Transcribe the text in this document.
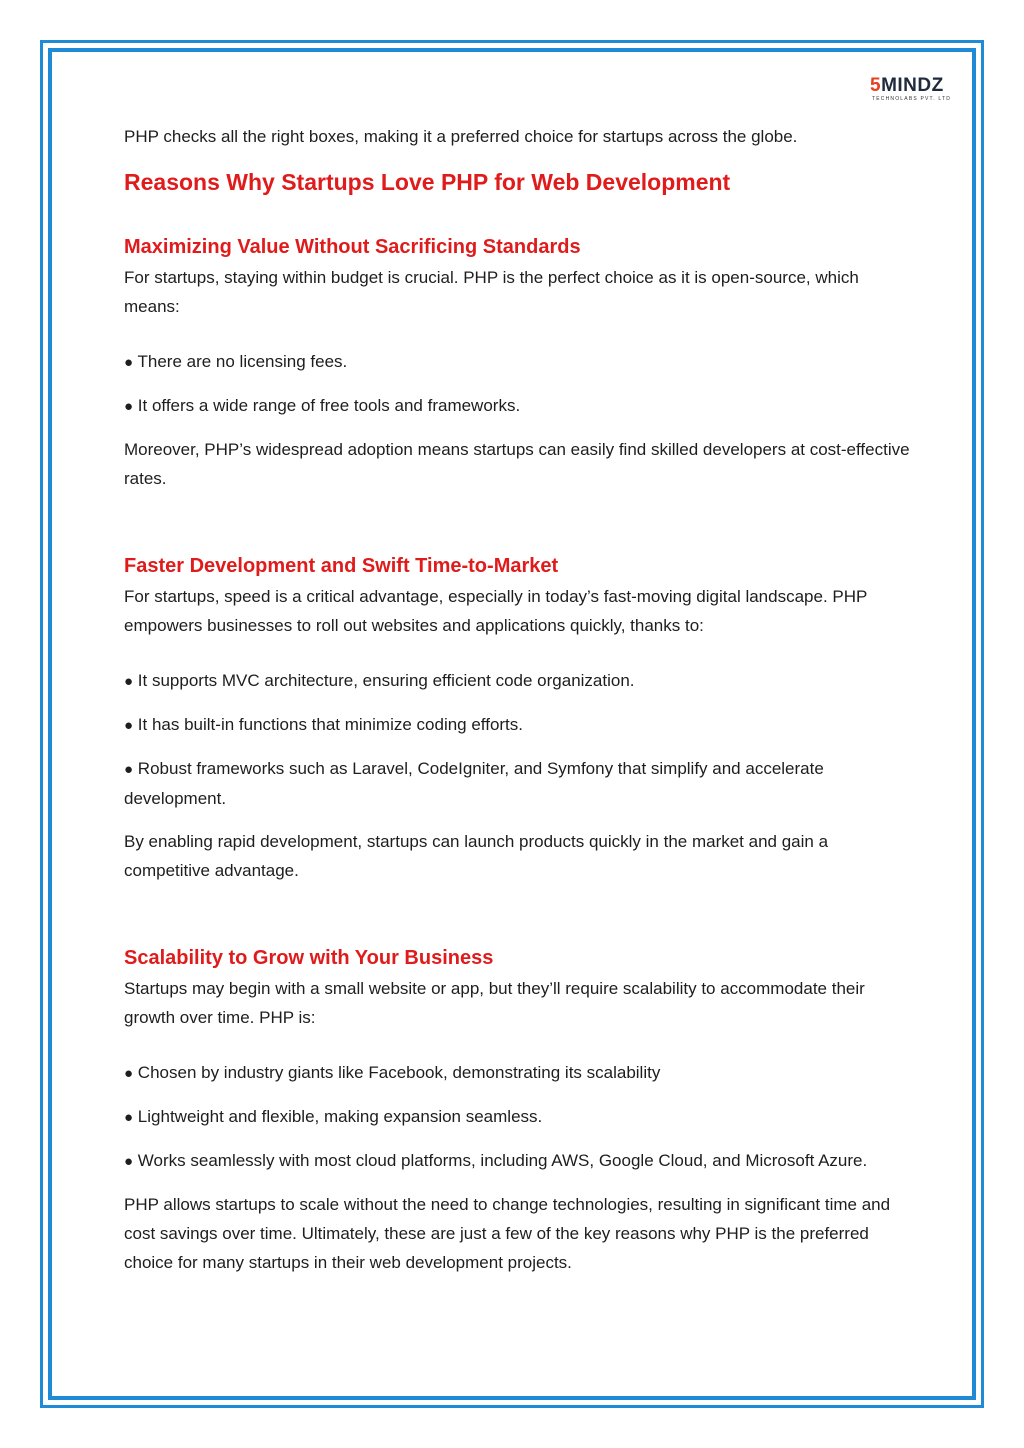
5MINDZ
TECHNOLABS PVT. LTD

PHP checks all the right boxes, making it a preferred choice for startups across the globe.

Reasons Why Startups Love PHP for Web Development

Maximizing Value Without Sacrificing Standards

For startups, staying within budget is crucial. PHP is the perfect choice as it is open-source, which means:

● There are no licensing fees.

● It offers a wide range of free tools and frameworks.

Moreover, PHP’s widespread adoption means startups can easily find skilled developers at cost-effective rates.

Faster Development and Swift Time-to-Market

For startups, speed is a critical advantage, especially in today’s fast-moving digital landscape. PHP empowers businesses to roll out websites and applications quickly, thanks to:

● It supports MVC architecture, ensuring efficient code organization.

● It has built-in functions that minimize coding efforts.

● Robust frameworks such as Laravel, CodeIgniter, and Symfony that simplify and accelerate development.

By enabling rapid development, startups can launch products quickly in the market and gain a competitive advantage.

Scalability to Grow with Your Business

Startups may begin with a small website or app, but they’ll require scalability to accommodate their growth over time. PHP is:

● Chosen by industry giants like Facebook, demonstrating its scalability

● Lightweight and flexible, making expansion seamless.

● Works seamlessly with most cloud platforms, including AWS, Google Cloud, and Microsoft Azure.

PHP allows startups to scale without the need to change technologies, resulting in significant time and cost savings over time. Ultimately, these are just a few of the key reasons why PHP is the preferred choice for many startups in their web development projects.
